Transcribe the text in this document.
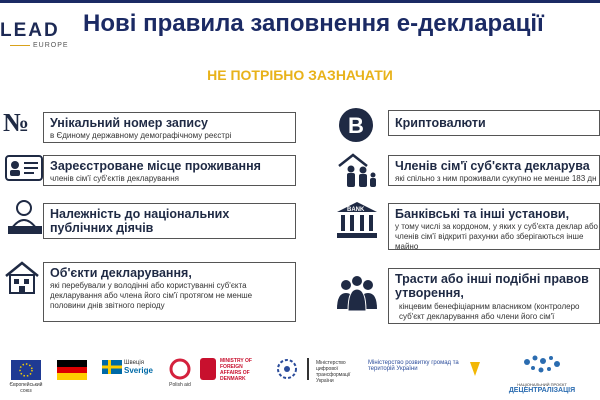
LEAD
EUROPE
Нові правила заповнення е-декларації
НЕ ПОТРІБНО ЗАЗНАЧАТИ
№ Унікальний номер запису
в Єдиному державному демографічному реєстрі
Зареєстроване місце проживання
членів сім'ї суб'єктів декларування
Належність до національних публічних діячів
Об'єкти декларування,
які перебували у володінні або користуванні суб'єкта декларування або члена його сім'ї протягом не менше половини днів звітного періоду
B Криптовалюти
Членів сім'ї суб'єкта декларува
які спільно з ним проживали сукупно не менше 183 дн
BANK Банківські та інші установи,
у тому числі за кордоном, у яких у суб'єкта деклар або членів сім'ї відкриті рахунки або зберігаються інше майно
Трасти або інші подібні правов утворення,
кінцевим бенефіціарним власником (контролеро суб'єкт декларування або члени його сім'ї
Європейський союз
Швеція
Sverige
Polish aid
MINISTRY OF FOREIGN AFFAIRS OF DENMARK
Міністерство цифрової трансформації України
Міністерство розвитку громад та територій України
НАЦІОНАЛЬНИЙ ПРОЄКТ
ДЕЦЕНТРАЛІЗАЦІЯ
